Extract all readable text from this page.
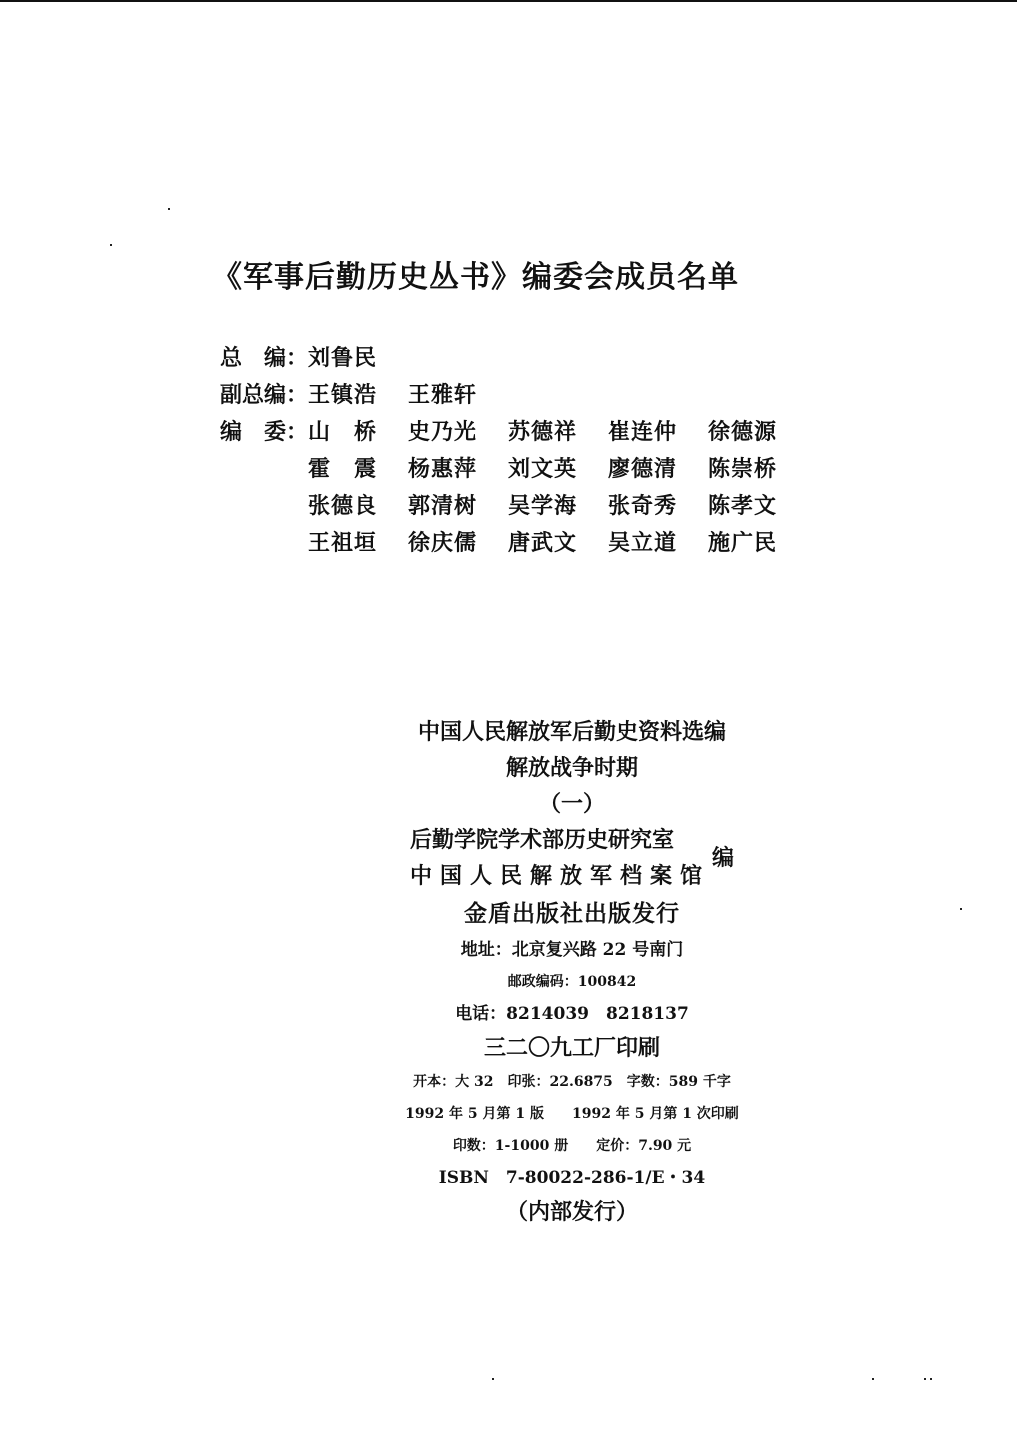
《军事后勤历史丛书》编委会成员名单
总　编： 刘鲁民
副总编： 王镇浩	王雅轩
编　委： 山　桥	史乃光	苏德祥	崔连仲	徐德源
霍　震	杨惠萍	刘文英	廖德清	陈崇桥
张德良	郭清树	吴学海	张奇秀	陈孝文
王祖垣	徐庆儒	唐武文	吴立道	施广民
中国人民解放军后勤史资料选编
解放战争时期
（一）
后勤学院学术部历史研究室
中国人民解放军档案馆
编
金盾出版社出版发行
地址：北京复兴路 22 号南门
邮政编码：100842
电话：8214039　8218137
三二〇九工厂印刷
开本：大 32　印张：22.6875　字数：589 千字
1992 年 5 月第 1 版　　1992 年 5 月第 1 次印刷
印数：1-1000 册　　定价：7.90 元
ISBN　7-80022-286-1/E・34
（内部发行）
